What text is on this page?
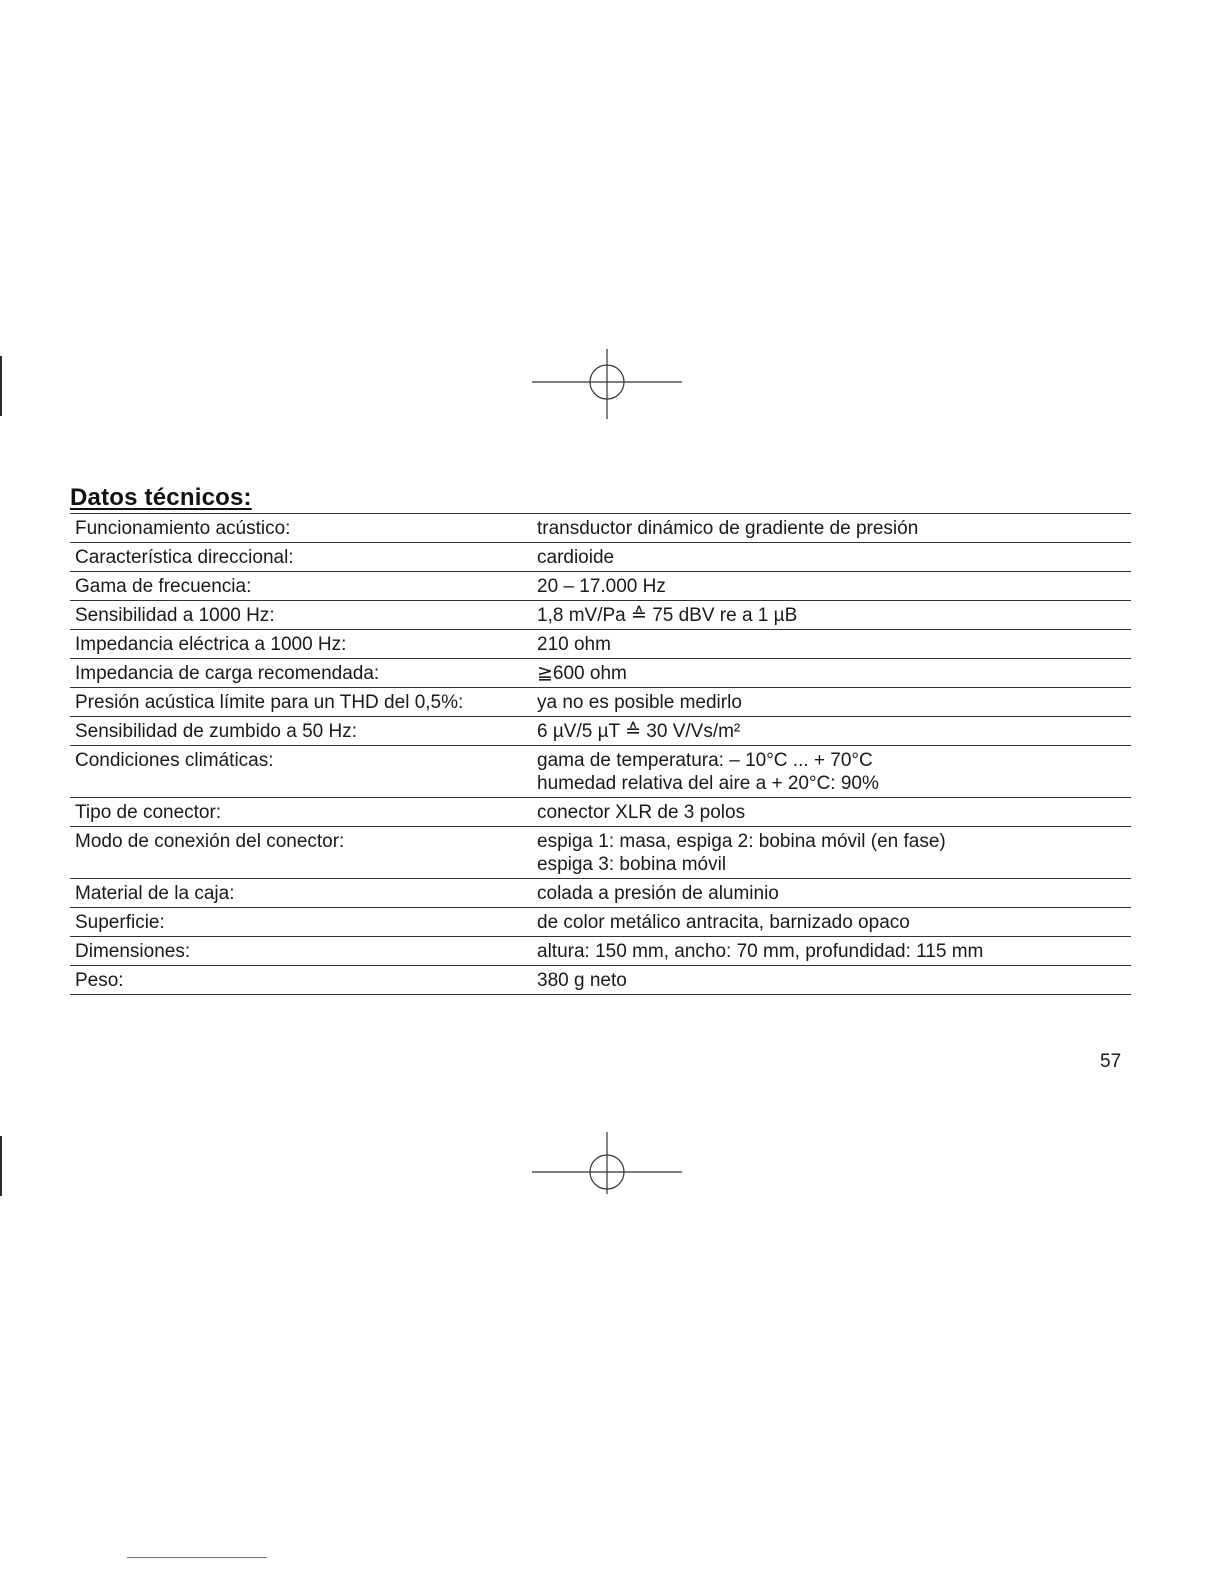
Datos técnicos:
Funcionamiento acústico:	transductor dinámico de gradiente de presión
Característica direccional:	cardioide
Gama de frecuencia:	20 – 17.000 Hz
Sensibilidad a 1000 Hz:	1,8 mV/Pa ≙ 75 dBV re a 1 µB
Impedancia eléctrica a 1000 Hz:	210 ohm
Impedancia de carga recomendada:	≧600 ohm
Presión acústica límite para un THD del 0,5%:	ya no es posible medirlo
Sensibilidad de zumbido a 50 Hz:	6 µV/5 µT ≙ 30 V/Vs/m²
Condiciones climáticas:	gama de temperatura: – 10°C ... + 70°C
humedad relativa del aire a + 20°C: 90%
Tipo de conector:	conector XLR de 3 polos
Modo de conexión del conector:	espiga 1: masa, espiga 2: bobina móvil (en fase)
espiga 3: bobina móvil
Material de la caja:	colada a presión de aluminio
Superficie:	de color metálico antracita, barnizado opaco
Dimensiones:	altura: 150 mm, ancho: 70 mm, profundidad: 115 mm
Peso:	380 g neto
57
